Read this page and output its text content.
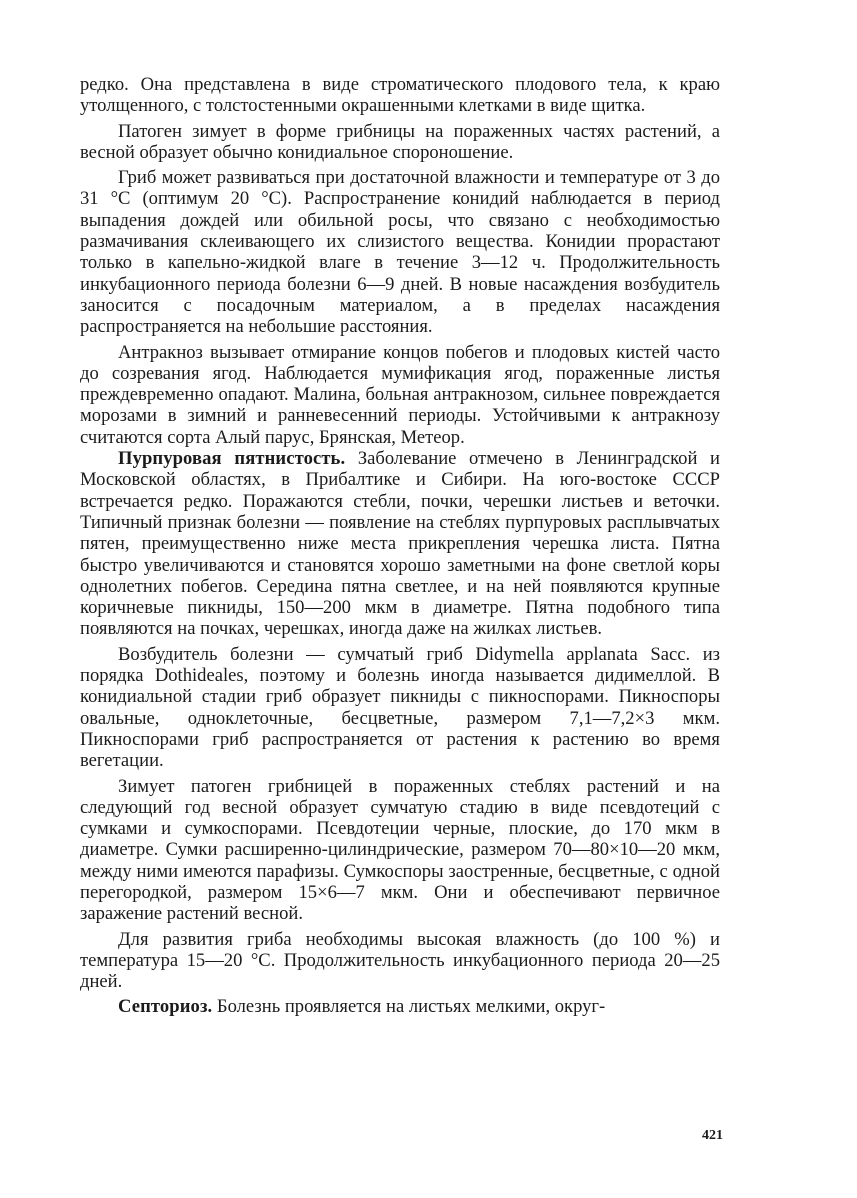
редко. Она представлена в виде строматического плодового тела, к краю утолщенного, с толстостенными окрашенными клетками в виде щитка.

Патоген зимует в форме грибницы на пораженных частях растений, а весной образует обычно конидиальное спороношение.

Гриб может развиваться при достаточной влажности и температуре от 3 до 31 °С (оптимум 20 °С). Распространение конидий наблюдается в период выпадения дождей или обильной росы, что связано с необходимостью размачивания склеивающего их слизистого вещества. Конидии прорастают только в капельно-жидкой влаге в течение 3—12 ч. Продолжительность инкубационного периода болезни 6—9 дней. В новые насаждения возбудитель заносится с посадочным материалом, а в пределах насаждения распространяется на небольшие расстояния.

Антракноз вызывает отмирание концов побегов и плодовых кистей часто до созревания ягод. Наблюдается мумификация ягод, пораженные листья преждевременно опадают. Малина, больная антракнозом, сильнее повреждается морозами в зимний и ранневесенний периоды. Устойчивыми к антракнозу считаются сорта Алый парус, Брянская, Метеор.

Пурпуровая пятнистость. Заболевание отмечено в Ленинградской и Московской областях, в Прибалтике и Сибири. На юго-востоке СССР встречается редко. Поражаются стебли, почки, черешки листьев и веточки. Типичный признак болезни — появление на стеблях пурпуровых расплывчатых пятен, преимущественно ниже места прикрепления черешка листа. Пятна быстро увеличиваются и становятся хорошо заметными на фоне светлой коры однолетних побегов. Середина пятна светлее, и на ней появляются крупные коричневые пикниды, 150—200 мкм в диаметре. Пятна подобного типа появляются на почках, черешках, иногда даже на жилках листьев.

Возбудитель болезни — сумчатый гриб Didymella applanata Sacc. из порядка Dothideales, поэтому и болезнь иногда называется дидимеллой. В конидиальной стадии гриб образует пикниды с пикноспорами. Пикноспоры овальные, одноклеточные, бесцветные, размером 7,1—7,2×3 мкм. Пикноспорами гриб распространяется от растения к растению во время вегетации.

Зимует патоген грибницей в пораженных стеблях растений и на следующий год весной образует сумчатую стадию в виде псевдотеций с сумками и сумкоспорами. Псевдотеции черные, плоские, до 170 мкм в диаметре. Сумки расширенно-цилиндрические, размером 70—80×10—20 мкм, между ними имеются парафизы. Сумкоспоры заостренные, бесцветные, с одной перегородкой, размером 15×6—7 мкм. Они и обеспечивают первичное заражение растений весной.

Для развития гриба необходимы высокая влажность (до 100 %) и температура 15—20 °С. Продолжительность инкубационного периода 20—25 дней.

Септориоз. Болезнь проявляется на листьях мелкими, округ-

421
